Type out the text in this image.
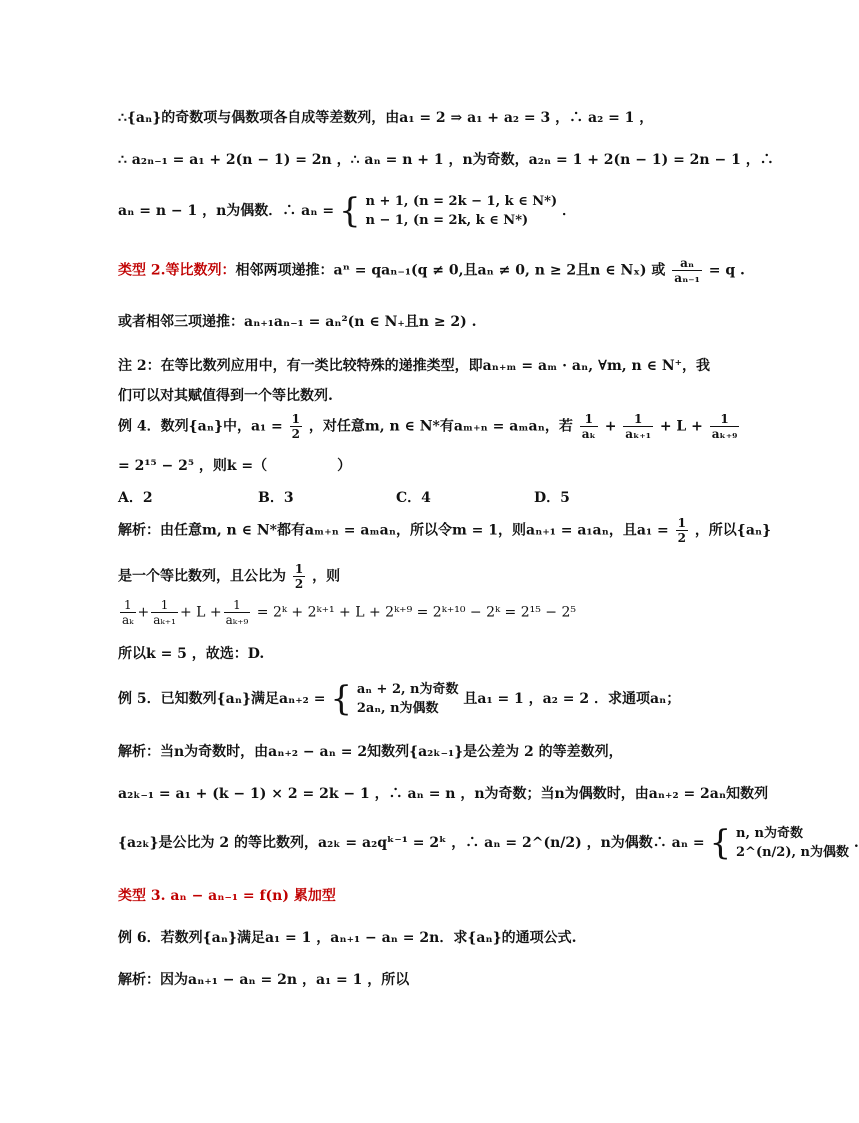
∴{aₙ}的奇数项与偶数项各自成等差数列，由a₁ = 2 ⇒ a₁ + a₂ = 3 ，∴ a₂ = 1 ，
∴ a₂ₙ₋₁ = a₁ + 2(n − 1) = 2n ，∴ aₙ = n + 1 ，n为奇数，a₂ₙ = 1 + 2(n − 1) = 2n − 1 ，∴
aₙ = n − 1 ，n为偶数．∴ aₙ = { n + 1, (n = 2k − 1, k ∈ N*)
n − 1, (n = 2k, k ∈ N*)
．
类型 2.等比数列：相邻两项递推：aⁿ = qaₙ₋₁(q ≠ 0,且aₙ ≠ 0, n ≥ 2且n ∈ Nₓ) 或 $\frac{\text{aₙ}}{\text{aₙ₋₁}} = q$ .
或者相邻三项递推：aₙ₊₁aₙ₋₁ = aₙ²(n ∈ N₊且n ≥ 2) .
注 2：在等比数列应用中，有一类比较特殊的递推类型，即aₙ₊ₘ = aₘ · aₙ, ∀m, n ∈ N⁺，我
们可以对其赋值得到一个等比数列.
例 4．数列{aₙ}中，$a_1 = \frac{1}{2}$ ，对任意m, n ∈ N*有aₘ₊ₙ = aₘaₙ，若 $\frac{1}{\text{aₖ}} + \frac{1}{\text{aₖ₊₁}} + L + \frac{1}{\text{aₖ₊₉}}$
= 2¹⁵ − 2⁵ ，则k =（	）
A．2	B．3	C．4	D．5
解析：由任意m, n ∈ N*都有aₘ₊ₙ = aₘaₙ，所以令m = 1，则aₙ₊₁ = a₁aₙ，且$a_1 = \frac{1}{2}$ ，所以{aₙ}
是一个等比数列，且公比为 $\frac{1}{2}$ ，则
$\frac{1}{\text{aₖ}} + \frac{1}{\text{aₖ₊₁}} + L + \frac{1}{\text{aₖ₊₉}}$ = 2ᵏ + 2ᵏ⁺¹ + L + 2ᵏ⁺⁹ = 2ᵏ⁺¹⁰ − 2ᵏ = 2¹⁵ − 2⁵
所以k = 5 ，故选：D.
例 5．已知数列{aₙ}满足aₙ₊₂ = { aₙ + 2, n为奇数
2aₙ, n为偶数
且a₁ = 1 ，a₂ = 2 ．求通项aₙ；
解析：当n为奇数时，由aₙ₊₂ − aₙ = 2知数列{a₂ₖ₋₁}是公差为 2 的等差数列，
a₂ₖ₋₁ = a₁ + (k − 1) × 2 = 2k − 1 ，∴ aₙ = n ，n为奇数；当n为偶数时，由aₙ₊₂ = 2aₙ知数列
{a₂ₖ}是公比为 2 的等比数列，a₂ₖ = a₂qᵏ⁻¹ = 2ᵏ ，∴ aₙ = 2^(n/2) ，n为偶数∴ aₙ = { n, n为奇数
2^(n/2), n为偶数
.
类型 3. aₙ − aₙ₋₁ = f(n) 累加型
例 6．若数列{aₙ}满足a₁ = 1 ，aₙ₊₁ − aₙ = 2n．求{aₙ}的通项公式.
解析：因为aₙ₊₁ − aₙ = 2n ，a₁ = 1 ，所以
